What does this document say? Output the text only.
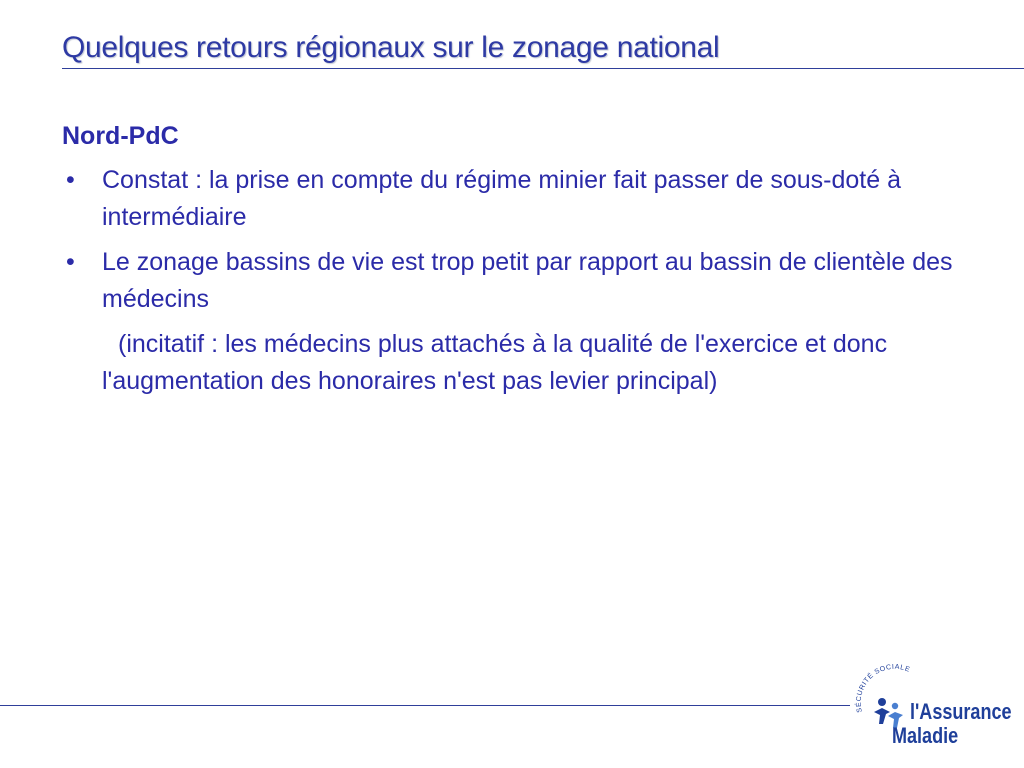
Quelques retours régionaux sur le zonage national
Nord-PdC
• Constat : la prise en compte du régime minier fait passer de sous-doté à intermédiaire
• Le zonage bassins de vie est trop petit par rapport au bassin de clientèle des médecins
(incitatif : les médecins plus attachés à la qualité de l'exercice et donc l'augmentation des honoraires n'est pas levier principal)
SÉCURITÉ SOCIALE
l'Assurance
Maladie
